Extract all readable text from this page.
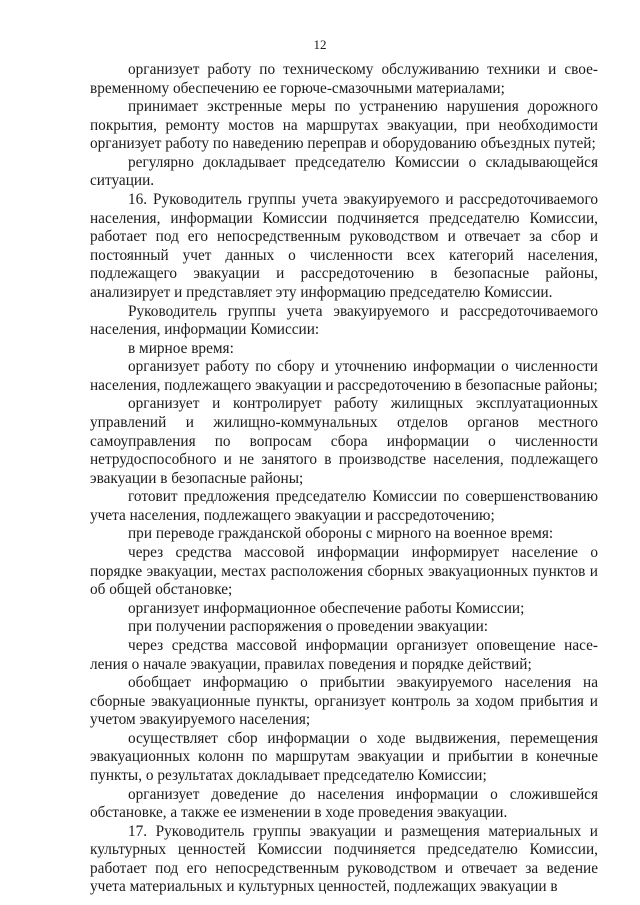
12

организует работу по техническому обслуживанию техники и своевременному обеспечению ее горюче-смазочными материалами;

принимает экстренные меры по устранению нарушения дорожного покрытия, ремонту мостов на маршрутах эвакуации, при необходимости организует работу по наведению переправ и оборудованию объездных путей;

регулярно докладывает председателю Комиссии о складывающейся ситуации.

16. Руководитель группы учета эвакуируемого и рассредоточиваемого населения, информации Комиссии подчиняется председателю Комиссии, работает под его непосредственным руководством и отвечает за сбор и постоянный учет данных о численности всех категорий населения, подлежащего эвакуации и рассредоточению в безопасные районы, анализирует и представляет эту информацию председателю Комиссии.

Руководитель группы учета эвакуируемого и рассредоточиваемого населения, информации Комиссии:

в мирное время:

организует работу по сбору и уточнению информации о численности населения, подлежащего эвакуации и рассредоточению в безопасные районы;

организует и контролирует работу жилищных эксплуатационных управлений и жилищно-коммунальных отделов органов местного самоуправления по вопросам сбора информации о численности нетрудоспособного и не занятого в производстве населения, подлежащего эвакуации в безопасные районы;

готовит предложения председателю Комиссии по совершенствованию учета населения, подлежащего эвакуации и рассредоточению;

при переводе гражданской обороны с мирного на военное время:

через средства массовой информации информирует население о порядке эвакуации, местах расположения сборных эвакуационных пунктов и об общей обстановке;

организует информационное обеспечение работы Комиссии;

при получении распоряжения о проведении эвакуации:

через средства массовой информации организует оповещение населения о начале эвакуации, правилах поведения и порядке действий;

обобщает информацию о прибытии эвакуируемого населения на сборные эвакуационные пункты, организует контроль за ходом прибытия и учетом эвакуируемого населения;

осуществляет сбор информации о ходе выдвижения, перемещения эвакуационных колонн по маршрутам эвакуации и прибытии в конечные пункты, о результатах докладывает председателю Комиссии;

организует доведение до населения информации о сложившейся обстановке, а также ее изменении в ходе проведения эвакуации.

17. Руководитель группы эвакуации и размещения материальных и культурных ценностей Комиссии подчиняется председателю Комиссии, работает под его непосредственным руководством и отвечает за ведение учета материальных и культурных ценностей, подлежащих эвакуации в
